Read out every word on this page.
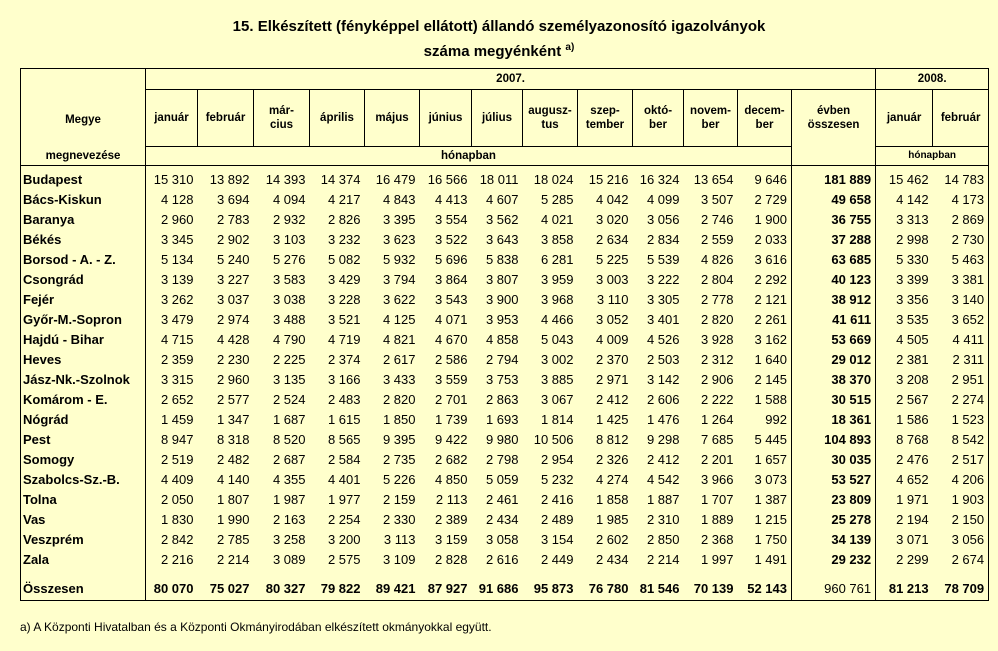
15. Elkészített (fényképpel ellátott) állandó személyazonosító igazolványok
száma megyénként $^{a)}$
Megye
megnevezése	2007.													2008.	
	január	február	már-
cius	április	május	június	július	augusz-
tus	szep-
tember	októ-
ber	novem-
ber	decem-
ber	évben
összesen	január	február
	hónapban													hónapban	
Budapest	15 310	13 892	14 393	14 374	16 479	16 566	18 011	18 024	15 216	16 324	13 654	9 646	181 889	15 462	14 783
Bács-Kiskun	4 128	3 694	4 094	4 217	4 843	4 413	4 607	5 285	4 042	4 099	3 507	2 729	49 658	4 142	4 173
Baranya	2 960	2 783	2 932	2 826	3 395	3 554	3 562	4 021	3 020	3 056	2 746	1 900	36 755	3 313	2 869
Békés	3 345	2 902	3 103	3 232	3 623	3 522	3 643	3 858	2 634	2 834	2 559	2 033	37 288	2 998	2 730
Borsod - A. - Z.	5 134	5 240	5 276	5 082	5 932	5 696	5 838	6 281	5 225	5 539	4 826	3 616	63 685	5 330	5 463
Csongrád	3 139	3 227	3 583	3 429	3 794	3 864	3 807	3 959	3 003	3 222	2 804	2 292	40 123	3 399	3 381
Fejér	3 262	3 037	3 038	3 228	3 622	3 543	3 900	3 968	3 110	3 305	2 778	2 121	38 912	3 356	3 140
Győr-M.-Sopron	3 479	2 974	3 488	3 521	4 125	4 071	3 953	4 466	3 052	3 401	2 820	2 261	41 611	3 535	3 652
Hajdú - Bihar	4 715	4 428	4 790	4 719	4 821	4 670	4 858	5 043	4 009	4 526	3 928	3 162	53 669	4 505	4 411
Heves	2 359	2 230	2 225	2 374	2 617	2 586	2 794	3 002	2 370	2 503	2 312	1 640	29 012	2 381	2 311
Jász-Nk.-Szolnok	3 315	2 960	3 135	3 166	3 433	3 559	3 753	3 885	2 971	3 142	2 906	2 145	38 370	3 208	2 951
Komárom - E.	2 652	2 577	2 524	2 483	2 820	2 701	2 863	3 067	2 412	2 606	2 222	1 588	30 515	2 567	2 274
Nógrád	1 459	1 347	1 687	1 615	1 850	1 739	1 693	1 814	1 425	1 476	1 264	992	18 361	1 586	1 523
Pest	8 947	8 318	8 520	8 565	9 395	9 422	9 980	10 506	8 812	9 298	7 685	5 445	104 893	8 768	8 542
Somogy	2 519	2 482	2 687	2 584	2 735	2 682	2 798	2 954	2 326	2 412	2 201	1 657	30 035	2 476	2 517
Szabolcs-Sz.-B.	4 409	4 140	4 355	4 401	5 226	4 850	5 059	5 232	4 274	4 542	3 966	3 073	53 527	4 652	4 206
Tolna	2 050	1 807	1 987	1 977	2 159	2 113	2 461	2 416	1 858	1 887	1 707	1 387	23 809	1 971	1 903
Vas	1 830	1 990	2 163	2 254	2 330	2 389	2 434	2 489	1 985	2 310	1 889	1 215	25 278	2 194	2 150
Veszprém	2 842	2 785	3 258	3 200	3 113	3 159	3 058	3 154	2 602	2 850	2 368	1 750	34 139	3 071	3 056
Zala	2 216	2 214	3 089	2 575	3 109	2 828	2 616	2 449	2 434	2 214	1 997	1 491	29 232	2 299	2 674

Összesen	80 070	75 027	80 327	79 822	89 421	87 927	91 686	95 873	76 780	81 546	70 139	52 143	960 761	81 213	78 709
a) A Központi Hivatalban és a Központi Okmányirodában elkészített okmányokkal együtt.
